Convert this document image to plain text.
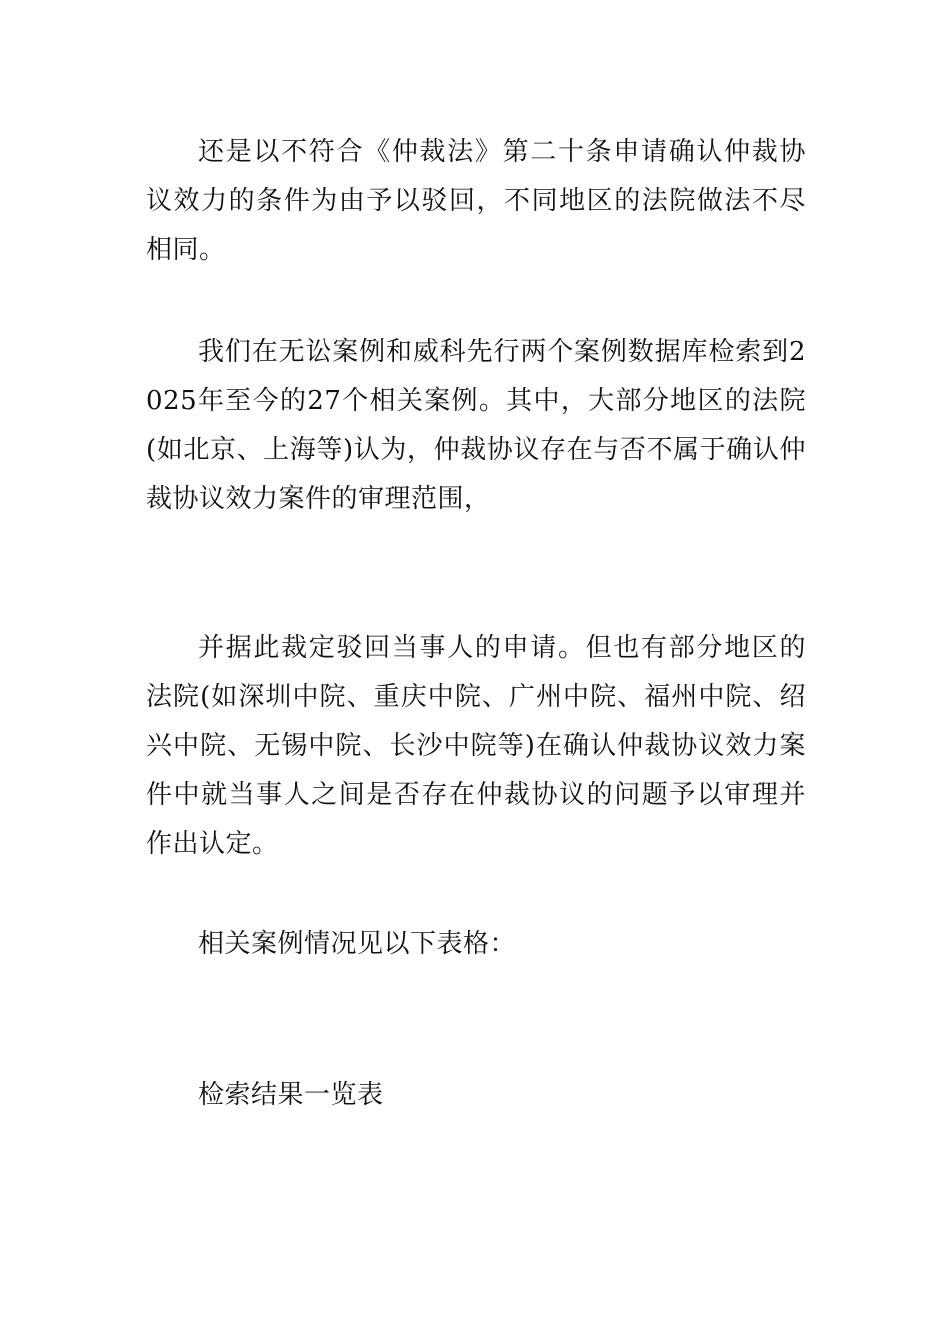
还是以不符合《仲裁法》第二十条申请确认仲裁协议效力的条件为由予以驳回，不同地区的法院做法不尽相同。

我们在无讼案例和威科先行两个案例数据库检索到2025年至今的27个相关案例。其中，大部分地区的法院(如北京、上海等)认为，仲裁协议存在与否不属于确认仲裁协议效力案件的审理范围，

并据此裁定驳回当事人的申请。但也有部分地区的法院(如深圳中院、重庆中院、广州中院、福州中院、绍兴中院、无锡中院、长沙中院等)在确认仲裁协议效力案件中就当事人之间是否存在仲裁协议的问题予以审理并作出认定。

相关案例情况见以下表格：

检索结果一览表
